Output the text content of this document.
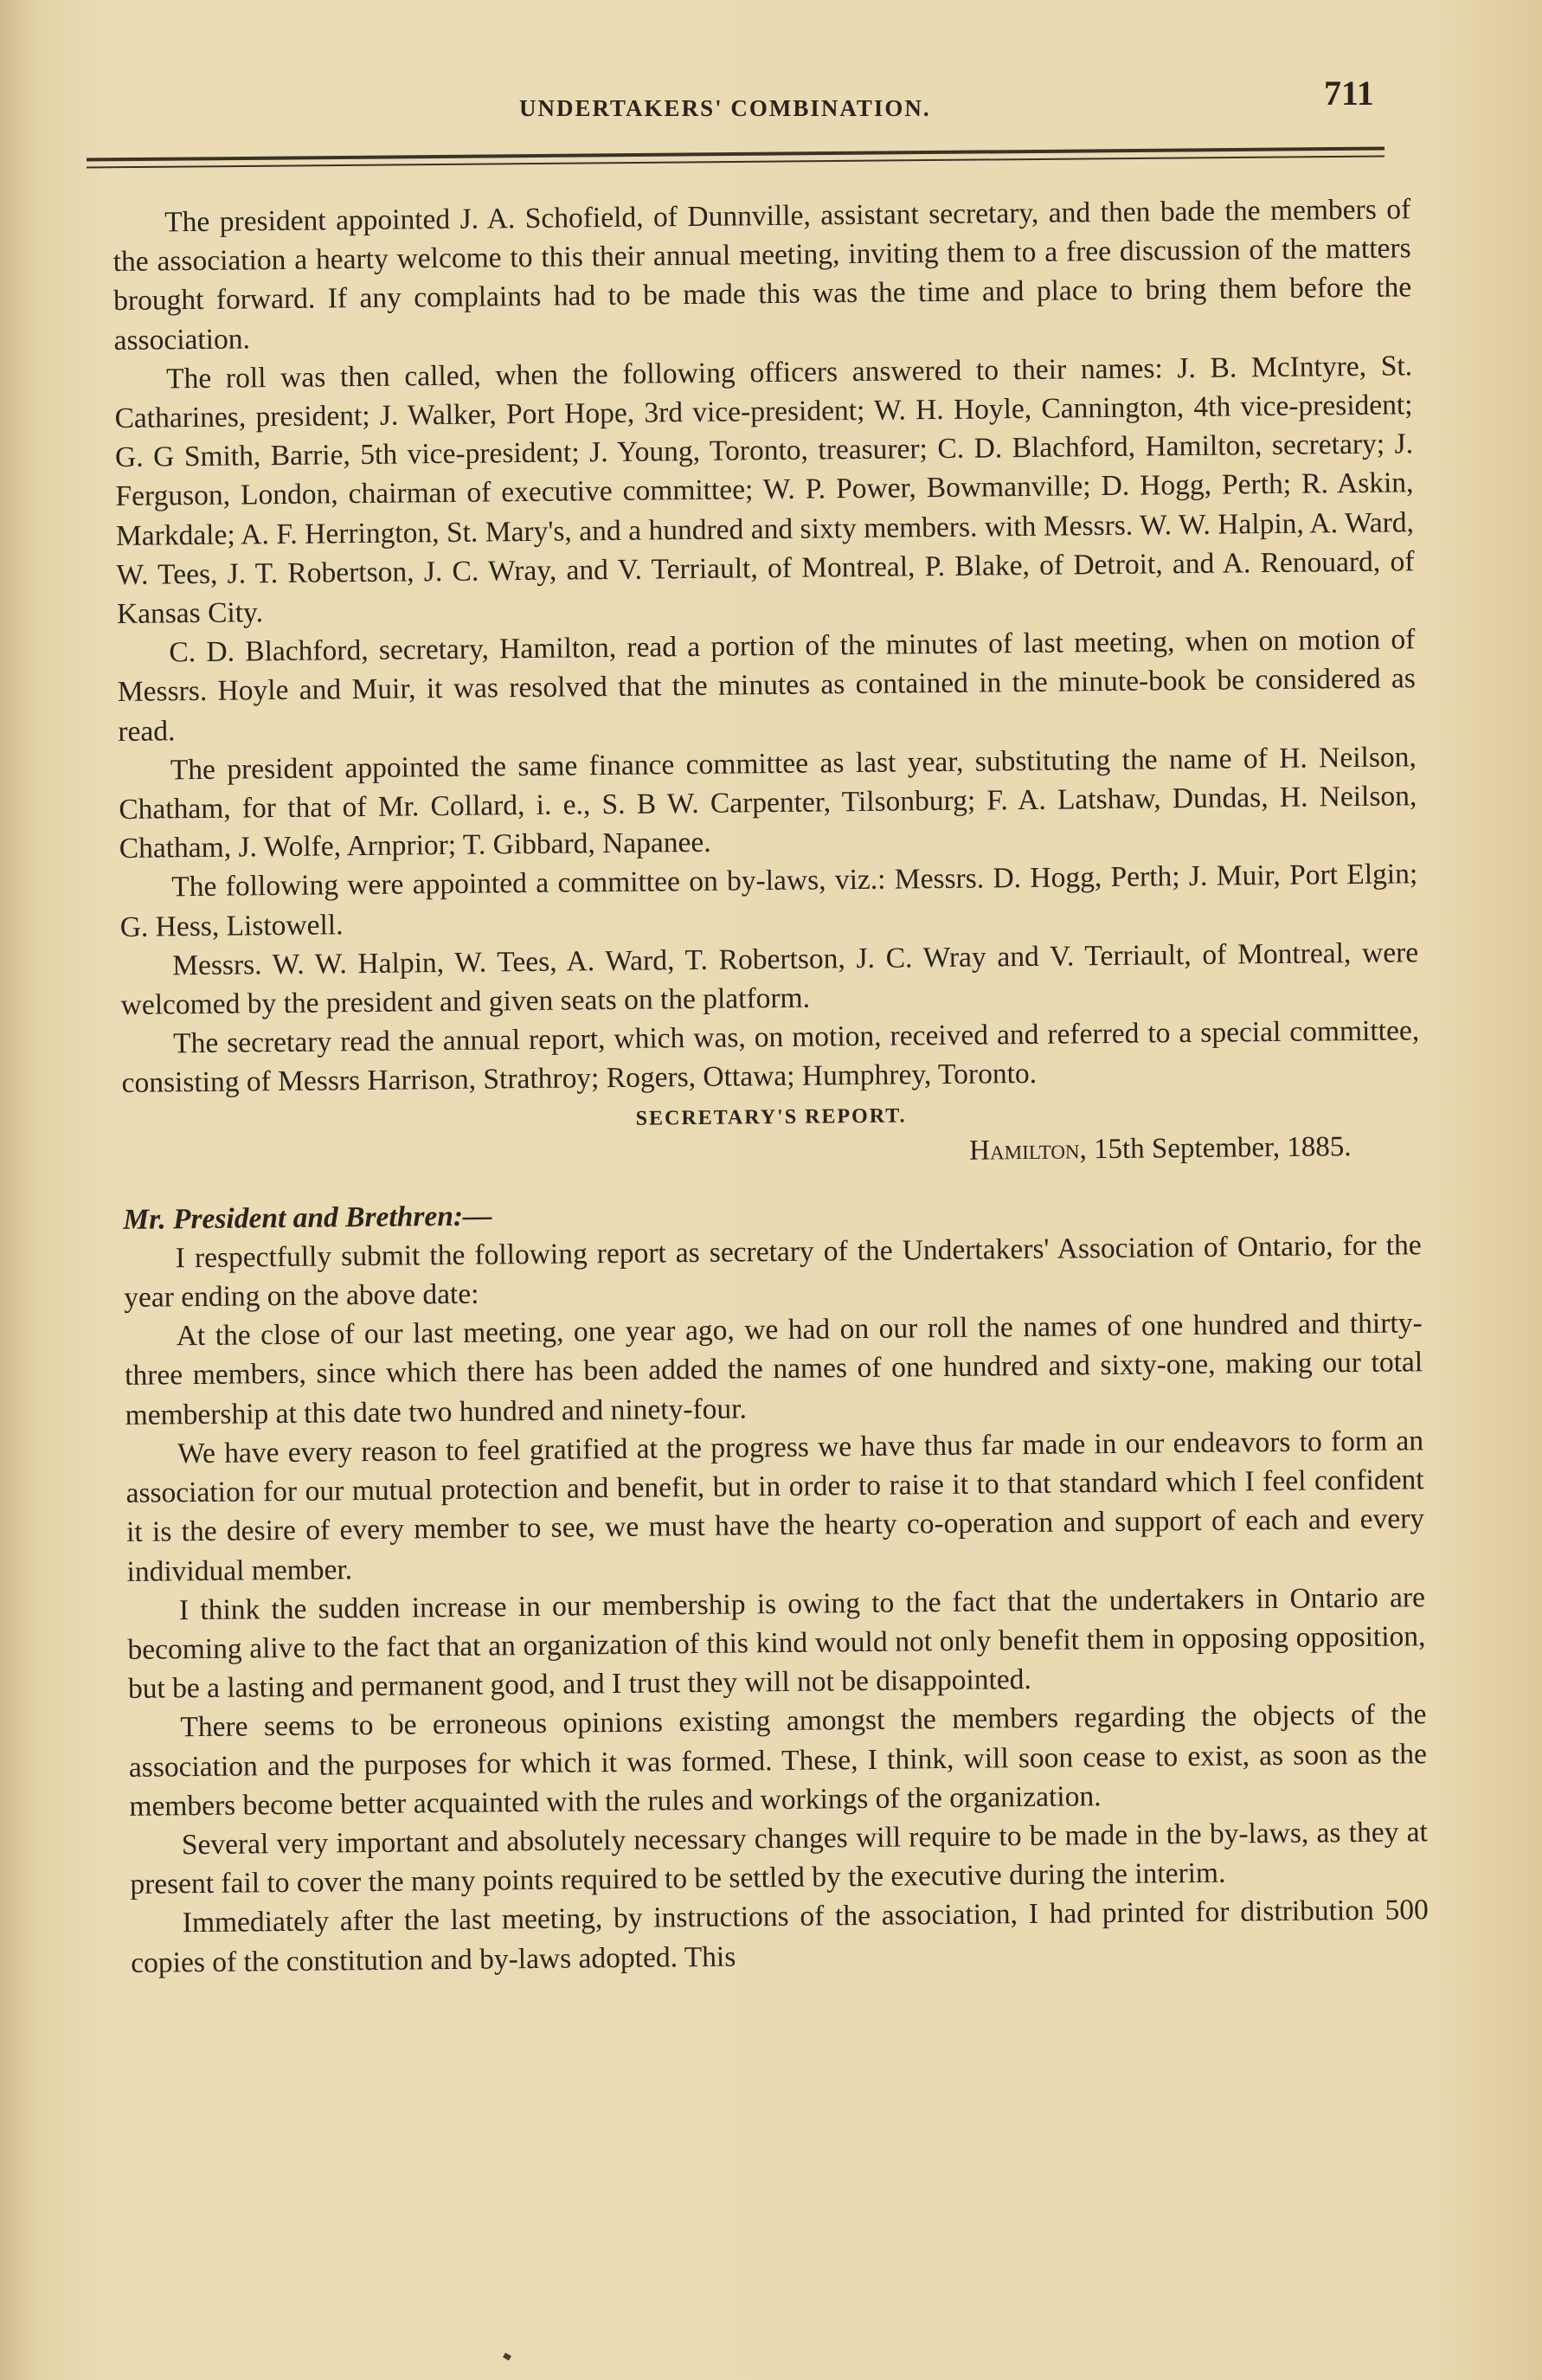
UNDERTAKERS' COMBINATION.	711

The president appointed J. A. Schofield, of Dunnville, assistant secretary, and then bade the members of the association a hearty welcome to this their annual meeting, inviting them to a free discussion of the matters brought forward. If any complaints had to be made this was the time and place to bring them before the association.

The roll was then called, when the following officers answered to their names: J. B. McIntyre, St. Catharines, president; J. Walker, Port Hope, 3rd vice-president; W. H. Hoyle, Cannington, 4th vice-president; G. G Smith, Barrie, 5th vice-president; J. Young, Toronto, treasurer; C. D. Blachford, Hamilton, secretary; J. Ferguson, London, chairman of executive committee; W. P. Power, Bowmanville; D. Hogg, Perth; R. Askin, Markdale; A. F. Herrington, St. Mary's, and a hundred and sixty members. with Messrs. W. W. Halpin, A. Ward, W. Tees, J. T. Robertson, J. C. Wray, and V. Terriault, of Montreal, P. Blake, of Detroit, and A. Renouard, of Kansas City.

C. D. Blachford, secretary, Hamilton, read a portion of the minutes of last meeting, when on motion of Messrs. Hoyle and Muir, it was resolved that the minutes as contained in the minute-book be considered as read.

The president appointed the same finance committee as last year, substituting the name of H. Neilson, Chatham, for that of Mr. Collard, i. e., S. B W. Carpenter, Tilsonburg; F. A. Latshaw, Dundas, H. Neilson, Chatham, J. Wolfe, Arnprior; T. Gibbard, Napanee.

The following were appointed a committee on by-laws, viz.: Messrs. D. Hogg, Perth; J. Muir, Port Elgin; G. Hess, Listowell.

Messrs. W. W. Halpin, W. Tees, A. Ward, T. Robertson, J. C. Wray and V. Terriault, of Montreal, were welcomed by the president and given seats on the platform.

The secretary read the annual report, which was, on motion, received and referred to a special committee, consisting of Messrs Harrison, Strathroy; Rogers, Ottawa; Humphrey, Toronto.

SECRETARY'S REPORT.
Hamilton, 15th September, 1885.

Mr. President and Brethren:—

I respectfully submit the following report as secretary of the Undertakers' Association of Ontario, for the year ending on the above date:

At the close of our last meeting, one year ago, we had on our roll the names of one hundred and thirty-three members, since which there has been added the names of one hundred and sixty-one, making our total membership at this date two hundred and ninety-four.

We have every reason to feel gratified at the progress we have thus far made in our endeavors to form an association for our mutual protection and benefit, but in order to raise it to that standard which I feel confident it is the desire of every member to see, we must have the hearty co-operation and support of each and every individual member.

I think the sudden increase in our membership is owing to the fact that the undertakers in Ontario are becoming alive to the fact that an organization of this kind would not only benefit them in opposing opposition, but be a lasting and permanent good, and I trust they will not be disappointed.

There seems to be erroneous opinions existing amongst the members regarding the objects of the association and the purposes for which it was formed. These, I think, will soon cease to exist, as soon as the members become better acquainted with the rules and workings of the organization.

Several very important and absolutely necessary changes will require to be made in the by-laws, as they at present fail to cover the many points required to be settled by the executive during the interim.

Immediately after the last meeting, by instructions of the association, I had printed for distribution 500 copies of the constitution and by-laws adopted. This
